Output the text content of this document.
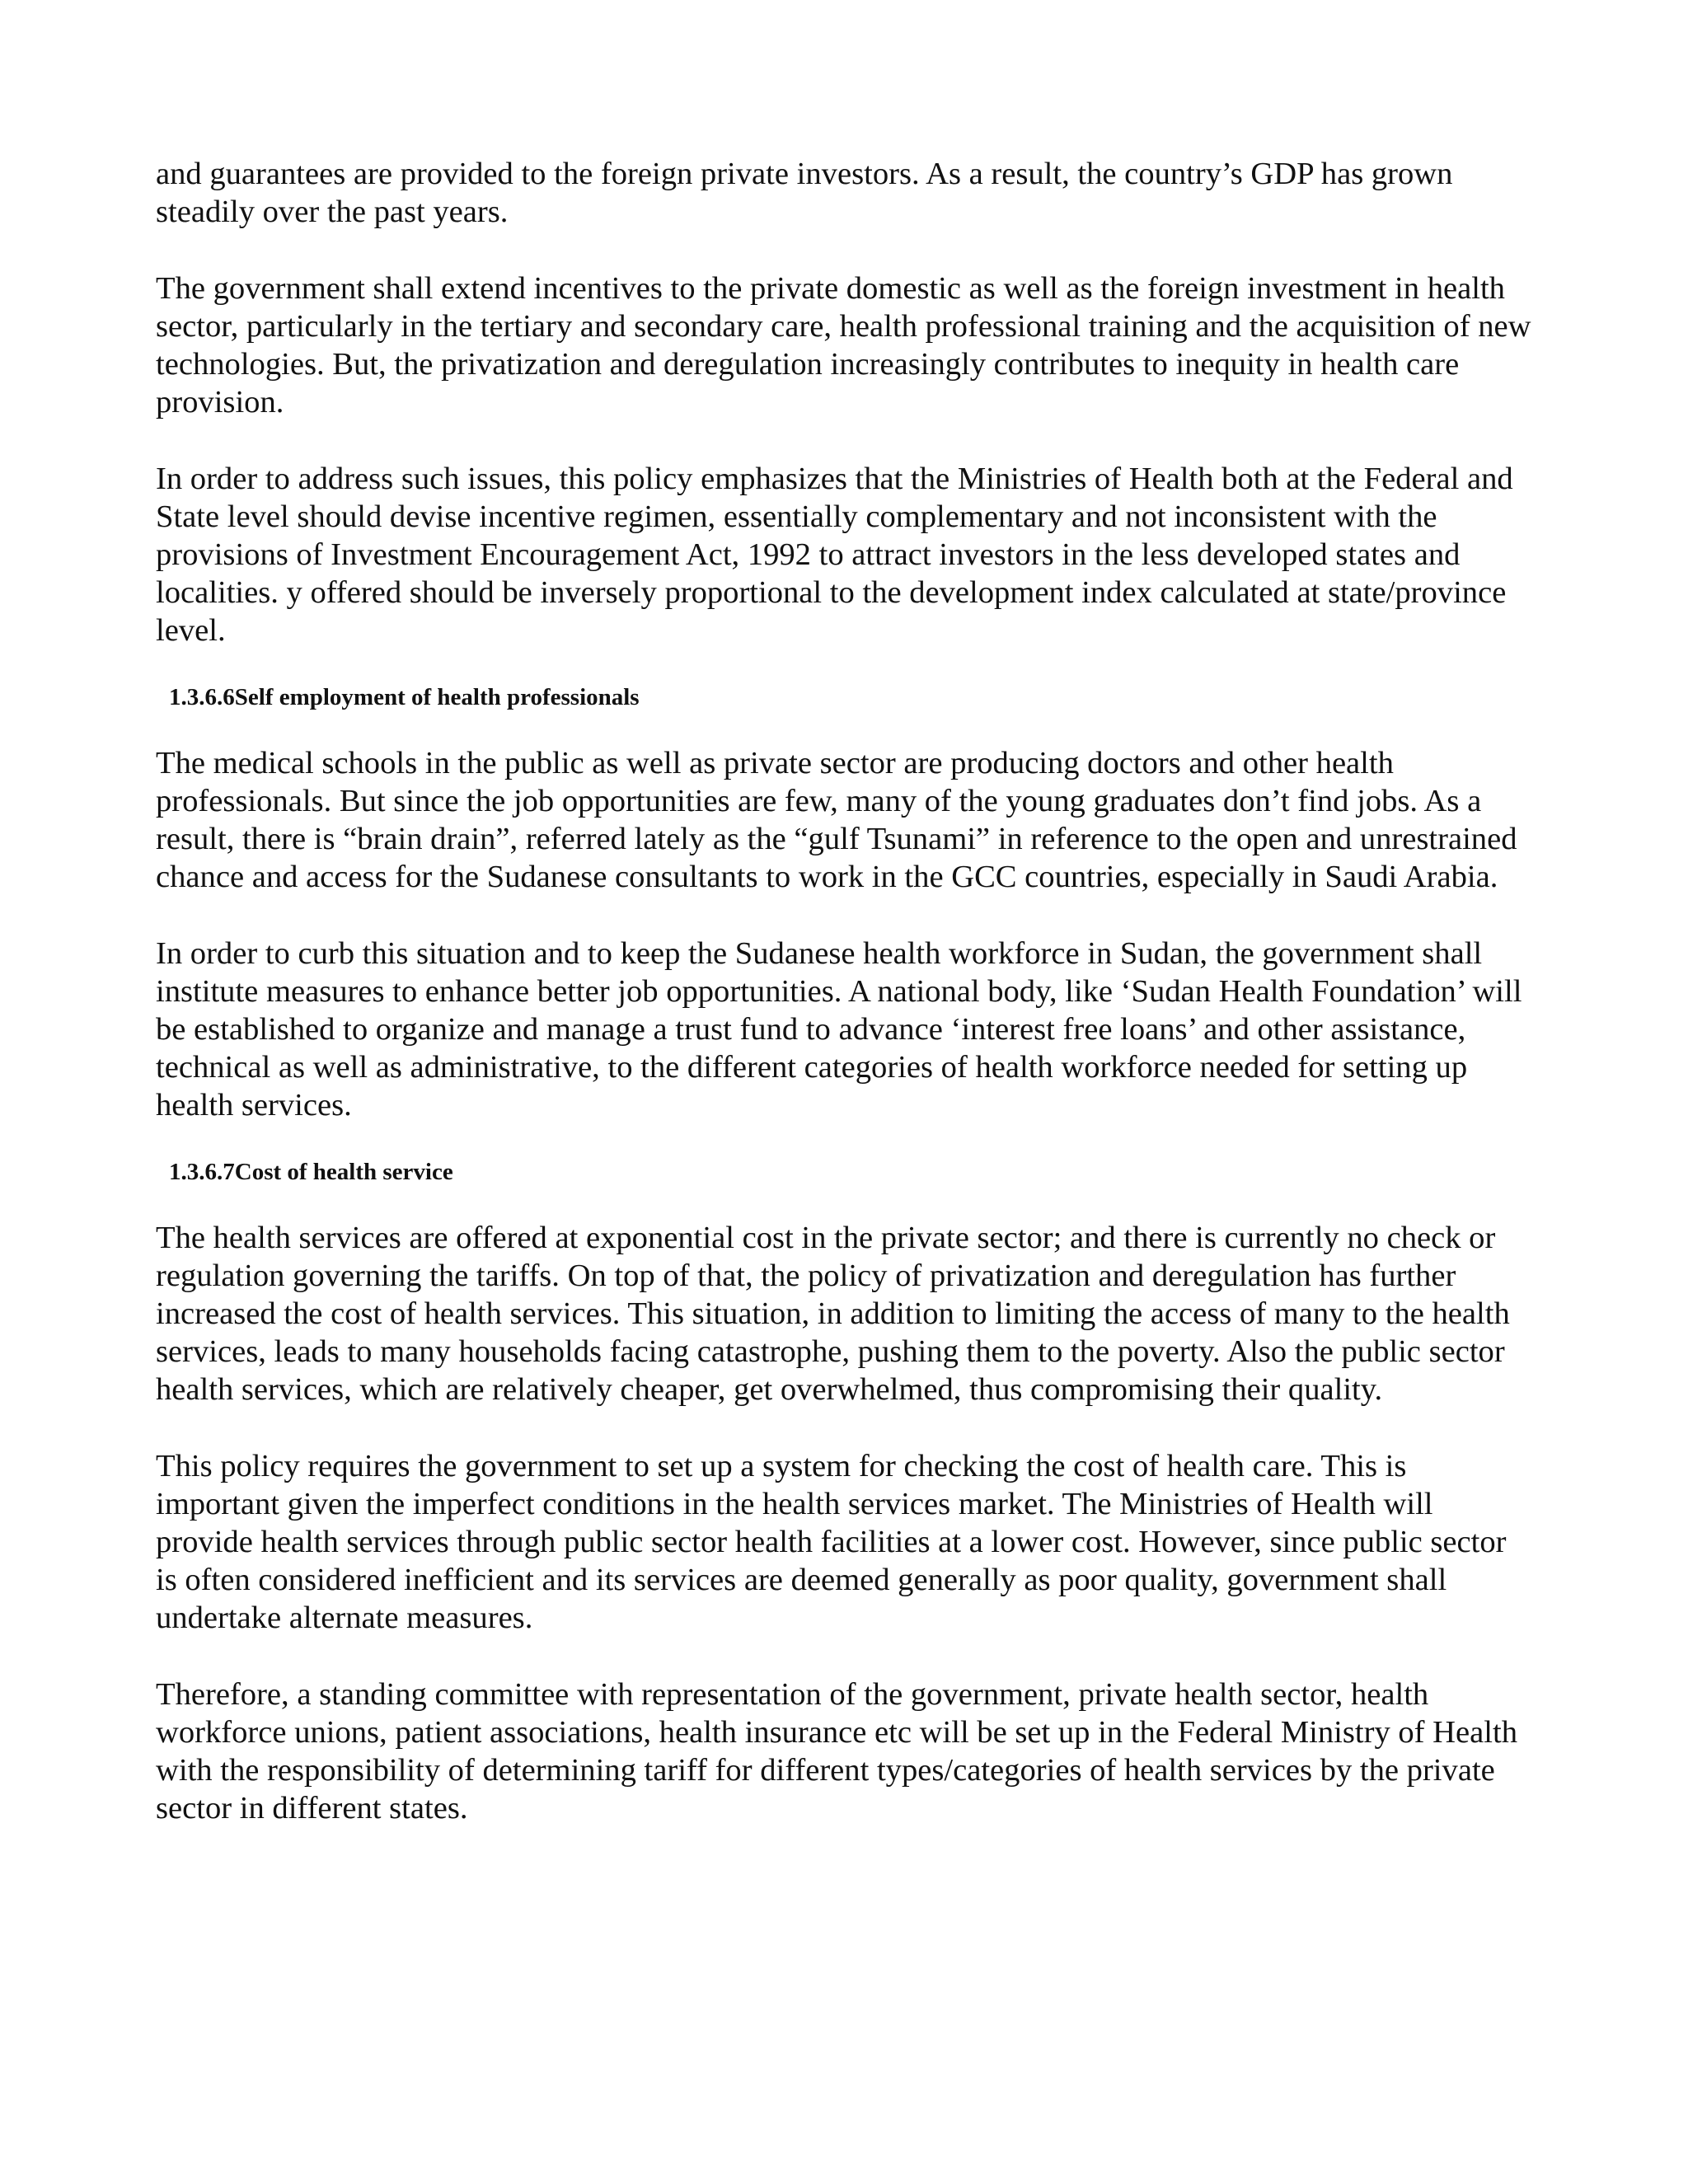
and guarantees are provided to the foreign private investors. As a result, the country’s GDP has grown steadily over the past years.

The government shall extend incentives to the private domestic as well as the foreign investment in health sector, particularly in the tertiary and secondary care, health professional training and the acquisition of new technologies. But, the privatization and deregulation increasingly contributes to inequity in health care provision.

In order to address such issues, this policy emphasizes that the Ministries of Health both at the Federal and State level should devise incentive regimen, essentially complementary and not inconsistent with the provisions of Investment Encouragement Act, 1992 to attract investors in the less developed states and localities. y offered should be inversely proportional to the development index calculated at state/province level.

1.3.6.6Self employment of health professionals

The medical schools in the public as well as private sector are producing doctors and other health professionals. But since the job opportunities are few, many of the young graduates don’t find jobs. As a result, there is “brain drain”, referred lately as the “gulf Tsunami” in reference to the open and unrestrained chance and access for the Sudanese consultants to work in the GCC countries, especially in Saudi Arabia.

In order to curb this situation and to keep the Sudanese health workforce in Sudan, the government shall institute measures to enhance better job opportunities. A national body, like ‘Sudan Health Foundation’ will be established to organize and manage a trust fund to advance ‘interest free loans’ and other assistance, technical as well as administrative, to the different categories of health workforce needed for setting up health services.

1.3.6.7Cost of health service

The health services are offered at exponential cost in the private sector; and there is currently no check or regulation governing the tariffs. On top of that, the policy of privatization and deregulation has further increased the cost of health services. This situation, in addition to limiting the access of many to the health services, leads to many households facing catastrophe, pushing them to the poverty. Also the public sector health services, which are relatively cheaper, get overwhelmed, thus compromising their quality.

This policy requires the government to set up a system for checking the cost of health care. This is important given the imperfect conditions in the health services market. The Ministries of Health will provide health services through public sector health facilities at a lower cost. However, since public sector is often considered inefficient and its services are deemed generally as poor quality, government shall undertake alternate measures.

Therefore, a standing committee with representation of the government, private health sector, health workforce unions, patient associations, health insurance etc will be set up in the Federal Ministry of Health with the responsibility of determining tariff for different types/categories of health services by the private sector in different states.
